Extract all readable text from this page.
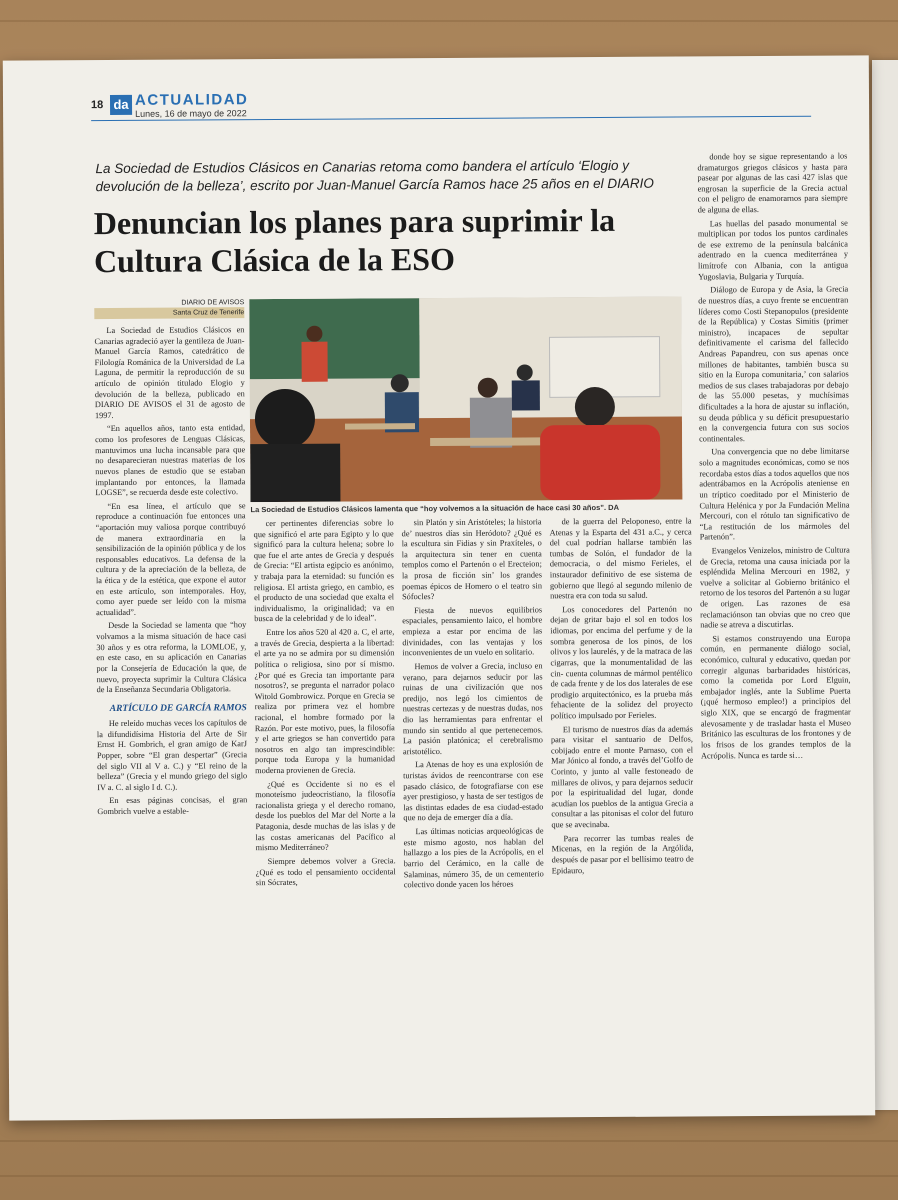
18 da ACTUALIDAD
Lunes, 16 de mayo de 2022
La Sociedad de Estudios Clásicos en Canarias retoma como bandera el artículo ‘Elogio y devolución de la belleza’, escrito por Juan-Manuel García Ramos hace 25 años en el DIARIO
Denuncian los planes para suprimir la Cultura Clásica de la ESO
DIARIO DE AVISOS
Santa Cruz de Tenerife
La Sociedad de Estudios Clásicos lamenta que “hoy volvemos a la situación de hace casi 30 años”. DA

La Sociedad de Estudios Clásicos en Canarias agradeció ayer la gentileza de Juan-Manuel García Ramos, catedrático de Filología Románica de la Universidad de La Laguna, de permitir la reproducción de su artículo de opinión titulado Elogio y devolución de la belleza, publicado en DIARIO DE AVISOS el 31 de agosto de 1997.

“En aquellos años, tanto esta entidad, como los profesores de Lenguas Clásicas, mantuvimos una lucha incansable para que no desaparecieran nuestras materias de los nuevos planes de estudio que se estaban implantando por entonces, la llamada LOGSE”, se recuerda desde este colectivo.

“En esa línea, el artículo que se reproduce a continuación fue entonces una “aportación muy valiosa porque contribuyó de manera extraordinaria en la sensibilización de la opinión pública y de los responsables educativos. La defensa de la cultura y de la apreciación de la belleza, de la ética y de la estética, que expone el autor en este artículo, son intemporales. Hoy, como ayer puede ser leído con la misma actualidad”.

Desde la Sociedad se lamenta que “hoy volvamos a la misma situación de hace casi 30 años y es otra reforma, la LOMLOE, y, en este caso, en su aplicación en Canarias por la Consejería de Educación la que, de nuevo, proyecta suprimir la Cultura Clásica de la Enseñanza Secundaria Obligatoria.

ARTÍCULO DE GARCÍA RAMOS

He releído muchas veces los capítulos de la difundidísima Historia del Arte de Sir Ernst H. Gombrich, el gran amigo de KarJ Popper, sobre “El gran despertar” (Grecia del siglo VII al V a. C.) y “El reino de la belleza” (Grecia y el mundo griego del siglo IV a. C. al siglo I d. C.).

En esas páginas concisas, el gran Gombrich vuelve a estable-

cer pertinentes diferencias sobre lo que significó el arte para Egipto y lo que significó para la cultura helena; sobre lo que fue el arte antes de Grecia y después de Grecia: “El artista egipcio es anónimo, y trabaja para la eternidad: su función es religiosa. El artista griego, en cambio, es el producto de una sociedad que exalta el individualismo, la originalidad; va en busca de la celebridad y de lo ideal”.

Entre los años 520 al 420 a. C, el arte, a través de Grecia, despierta a la libertad: el arte ya no se admira por su dimensión política o religiosa, sino por sí mismo. ¿Por qué es Grecia tan importante para nosotros?, se pregunta el narrador polaco Witold Gombrowicz. Porque en Grecia se realiza por primera vez el hombre racional, el hombre formado por la Razón. Por este motivo, pues, la filosofía y el arte griegos se han convertido para nosotros en algo tan imprescindible: porque toda Europa y la humanidad moderna provienen de Grecia.

¿Qué es Occidente si no es el monoteísmo judeocristiano, la filosofía racionalista griega y el derecho romano, desde los pueblos del Mar del Norte a la Patagonia, desde muchas de las islas y de las costas americanas del Pacífico al mismo Mediterráneo?

Siempre debemos volver a Grecia. ¿Qué es todo el pensamiento occidental sin Sócrates,

sin Platón y sin Aristóteles; la historia de’ nuestros días sin Heródoto? ¿Qué es la escultura sin Fidias y sin Praxíteles, o la arquitectura sin tener en cuenta templos como el Partenón o el Erecteion; la prosa de ficción sin’ los grandes poemas épicos de Homero o el teatro sin Sófocles?

Fiesta de nuevos equilibrios espaciales, pensamiento laico, el hombre empieza a estar por encima de las divinidades, con las ventajas y los inconvenientes de un vuelo en solitario.

Hemos de volver a Grecia, incluso en verano, para dejarnos seducir por las ruinas de una civilización que nos predijo, nos legó los cimientos de nuestras certezas y de nuestras dudas, nos dio las herramientas para enfrentar el mundo sin sentido al que pertenecemos. La pasión platónica; el cerebralismo aristotélico.

La Atenas de hoy es una explosión de turistas ávidos de reencontrarse con ese pasado clásico, de fotografiarse con ese ayer prestigioso, y hasta de ser testigos de las distintas edades de esa ciudad-estado que no deja de emerger día a día.

Las últimas noticias arqueológicas de este mismo agosto, nos hablan del hallazgo a los pies de la Acrópolis, en el barrio del Cerámico, en la calle de Salaminas, número 35, de un cementerio colectivo donde yacen los héroes

de la guerra del Peloponeso, entre la Atenas y la Esparta del 431 a.C., y cerca del cual podrían hallarse también las tumbas de Solón, el fundador de la democracia, o del mismo Ferieles, el instaurador definitivo de ese sistema de gobierno que llegó al segundo milenio de nuestra era con toda su salud.

Los conocedores del Partenón no dejan de gritar bajo el sol en todos los idiomas, por encima del perfume y de la sombra generosa de los pinos, de los olivos y los laurelés, y de la matraca de las cigarras, que la monumentalidad de las cin- cuenta columnas de mármol pentélico de cada frente y de los dos laterales de ese prodigio arquitectónico, es la prueba más fehaciente de la solidez del proyecto político impulsado por Ferieles.

El turismo de nuestros días da además para visitar el santuario de Delfos, cobijado entre el monte Parnaso, con el Mar Jónico al fondo, a través del’Golfo de Corinto, y junto al valle festoneado de millares de olivos, y para dejarnos seducir por la espiritualidad del lugar, donde acudían los pueblos de la antigua Grecia a consultar a las pitonisas el color del futuro que se avecinaba.

Para recorrer las tumbas reales de Micenas, en la región de la Argólida, después de pasar por el bellísimo teatro de Epidauro,

donde hoy se sigue representando a los dramaturgos griegos clásicos y hasta para pasear por algunas de las casi 427 islas que engrosan la superficie de la Grecia actual con el peligro de enamorarnos para siempre de alguna de ellas.

Las huellas del pasado monumental se multiplican por todos los puntos cardinales de ese extremo de la península balcánica adentrado en la cuenca mediterránea y limítrofe con Albania, con la antigua Yugoslavia, Bulgaria y Turquía.

Diálogo de Europa y de Asia, la Grecia de nuestros días, a cuyo frente se encuentran líderes como Costi Stepanopulos (presidente de la República) y Costas Simitis (primer ministro), incapaces de sepultar definitivamente el carisma del fallecido Andreas Papandreu, con sus apenas once millones de habitantes, también busca su sitio en la Europa comunitaria,’ con salarios medios de sus clases trabajadoras por debajo de las 55.000 pesetas, y muchísimas dificultades a la hora de ajustar su inflación, su deuda pública y su déficit presupuestario en la convergencia futura con sus socios continentales.

Una convergencia que no debe limitarse solo a magnitudes económicas, como se nos recordaba estos días a todos aquellos que nos adentrábamos en la Acrópolis ateniense en un tríptico coeditado por el Ministerio de Cultura Helénica y por Ja Fundación Melina Mercouri, con el rótulo tan significativo de “La restitución de los mármoles del Partenón”.

Evangelos Venizelos, ministro de Cultura de Grecia, retoma una causa iniciada por la espléndida Melina Mercouri en 1982, y vuelve a solicitar al Gobierno británico el retorno de los tesoros del Partenón a su lugar de origen. Las razones de esa reclamaciónson tan obvias que no creo que nadie se atreva a discutirlas.

Si estamos construyendo una Europa común, en permanente diálogo social, económico, cultural y educativo, quedan por corregir algunas barbaridades históricas, como la cometida por Lord Elguin, embajador inglés, ante la Sublime Puerta (¡qué hermoso empleo!) a principios del siglo XIX, que se encargó de fragmentar alevosamente y de trasladar hasta el Museo Británico las esculturas de los frontones y de los frisos de los grandes templos de la Acrópolis. Nunca es tarde si…
